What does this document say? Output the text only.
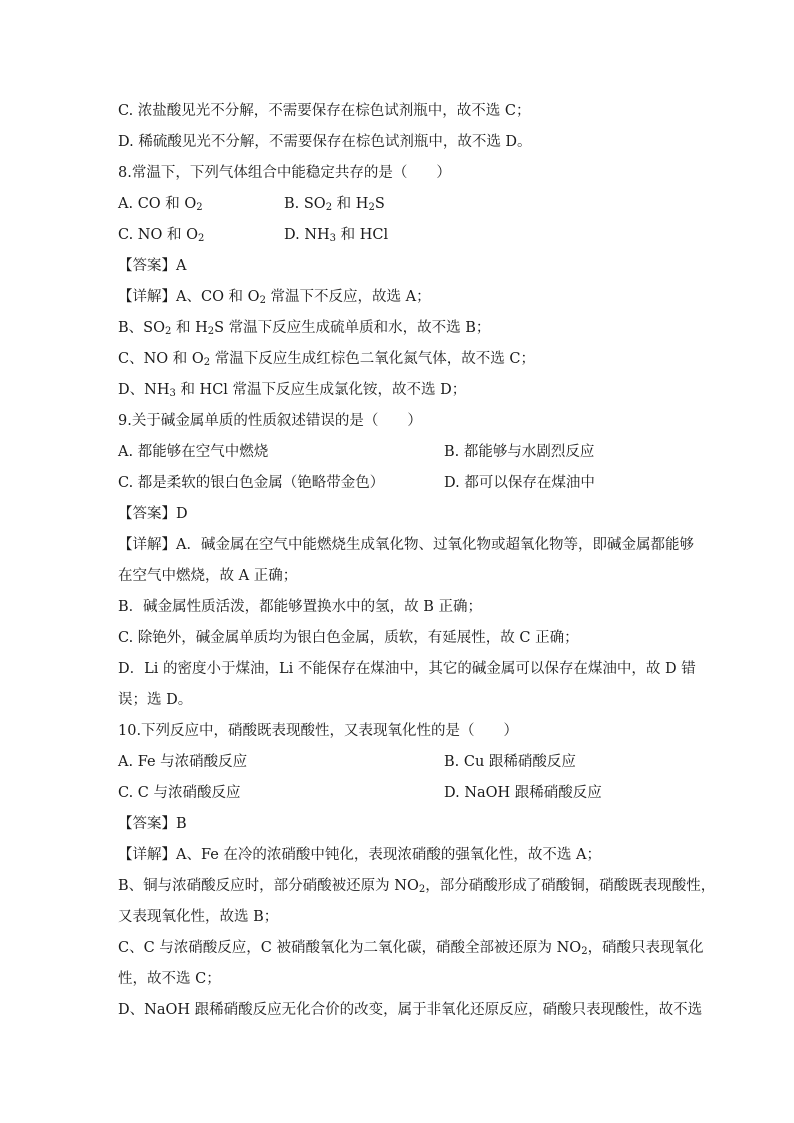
C. 浓盐酸见光不分解，不需要保存在棕色试剂瓶中，故不选 C；
D. 稀硫酸见光不分解，不需要保存在棕色试剂瓶中，故不选 D。
8.常温下，下列气体组合中能稳定共存的是（　　）
A. CO 和 $O_2$	B. $SO_2$ 和 $H_2S$
C. NO 和 $O_2$	D. $NH_3$ 和 HCl
【答案】A
【详解】A、CO 和 $O_2$ 常温下不反应，故选 A；
B、$SO_2$ 和 $H_2S$ 常温下反应生成硫单质和水，故不选 B；
C、NO 和 $O_2$ 常温下反应生成红棕色二氧化氮气体，故不选 C；
D、$NH_3$ 和 HCl 常温下反应生成氯化铵，故不选 D；
9.关于碱金属单质的性质叙述错误的是（　　）
A. 都能够在空气中燃烧	B. 都能够与水剧烈反应
C. 都是柔软的银白色金属（铯略带金色）	D. 都可以保存在煤油中
【答案】D
【详解】A．碱金属在空气中能燃烧生成氧化物、过氧化物或超氧化物等，即碱金属都能够
在空气中燃烧，故 A 正确；
B．碱金属性质活泼，都能够置换水中的氢，故 B 正确；
C. 除铯外，碱金属单质均为银白色金属，质软，有延展性，故 C 正确；
D．Li 的密度小于煤油，Li 不能保存在煤油中，其它的碱金属可以保存在煤油中，故 D 错
误；选 D。
10.下列反应中，硝酸既表现酸性，又表现氧化性的是（　　）
A. Fe 与浓硝酸反应	B. Cu 跟稀硝酸反应
C. C 与浓硝酸反应	D. NaOH 跟稀硝酸反应
【答案】B
【详解】A、Fe 在冷的浓硝酸中钝化，表现浓硝酸的强氧化性，故不选 A；
B、铜与浓硝酸反应时，部分硝酸被还原为 $NO_2$，部分硝酸形成了硝酸铜，硝酸既表现酸性，
又表现氧化性，故选 B；
C、C 与浓硝酸反应，C 被硝酸氧化为二氧化碳，硝酸全部被还原为 $NO_2$，硝酸只表现氧化
性，故不选 C；
D、NaOH 跟稀硝酸反应无化合价的改变，属于非氧化还原反应，硝酸只表现酸性，故不选
